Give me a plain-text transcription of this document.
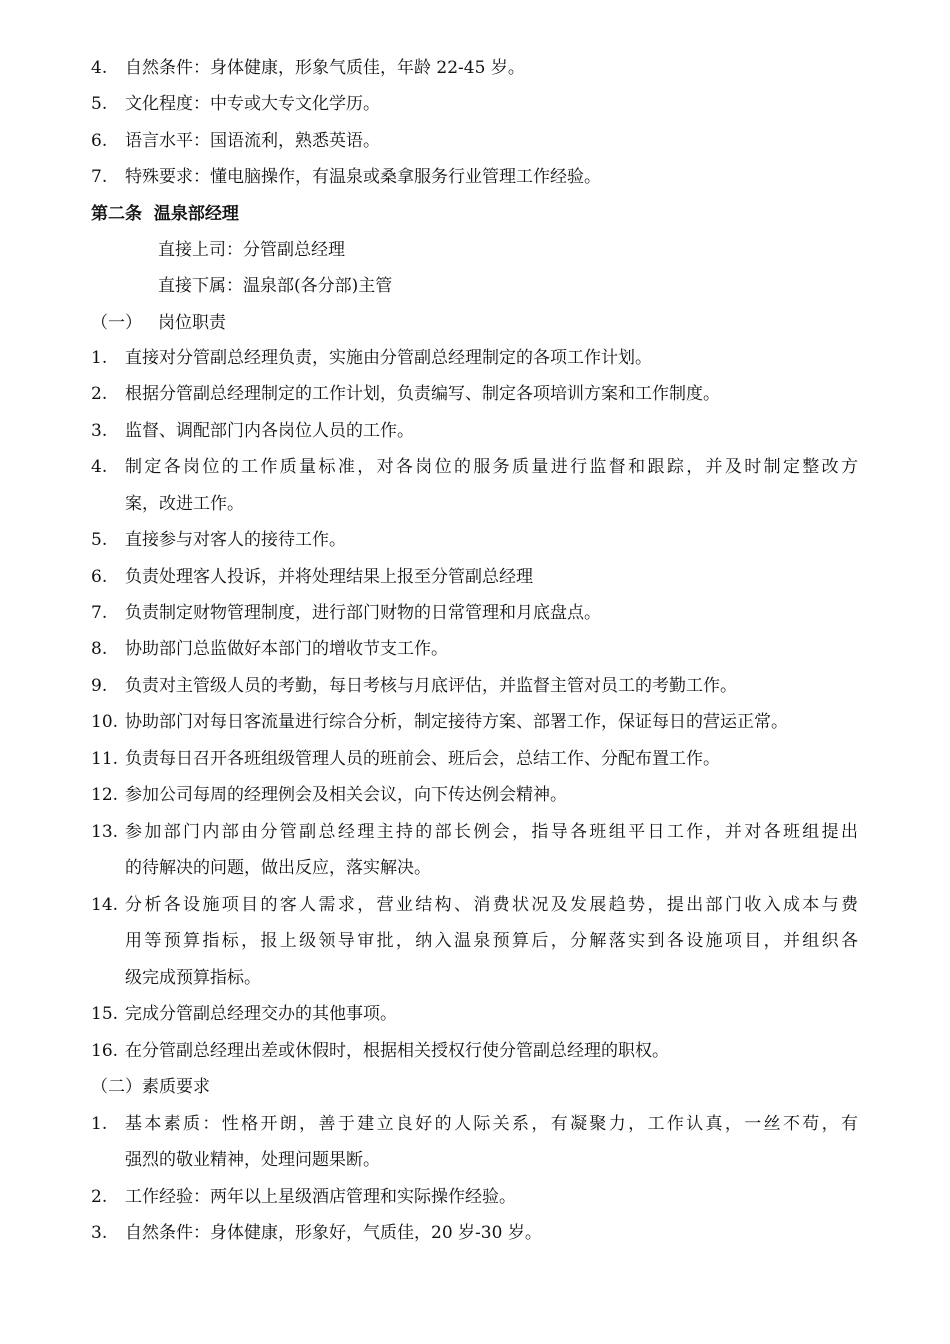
4. 自然条件：身体健康，形象气质佳，年龄 22-45 岁。
5. 文化程度：中专或大专文化学历。
6. 语言水平：国语流利，熟悉英语。
7. 特殊要求：懂电脑操作，有温泉或桑拿服务行业管理工作经验。
第二条  温泉部经理
直接上司：分管副总经理
直接下属：温泉部(各分部)主管
（一） 岗位职责
1. 直接对分管副总经理负责，实施由分管副总经理制定的各项工作计划。
2. 根据分管副总经理制定的工作计划，负责编写、制定各项培训方案和工作制度。
3. 监督、调配部门内各岗位人员的工作。
4. 制定各岗位的工作质量标准，对各岗位的服务质量进行监督和跟踪，并及时制定整改方
案，改进工作。
5. 直接参与对客人的接待工作。
6. 负责处理客人投诉，并将处理结果上报至分管副总经理
7. 负责制定财物管理制度，进行部门财物的日常管理和月底盘点。
8. 协助部门总监做好本部门的增收节支工作。
9. 负责对主管级人员的考勤，每日考核与月底评估，并监督主管对员工的考勤工作。
10. 协助部门对每日客流量进行综合分析，制定接待方案、部署工作，保证每日的营运正常。
11. 负责每日召开各班组级管理人员的班前会、班后会，总结工作、分配布置工作。
12. 参加公司每周的经理例会及相关会议，向下传达例会精神。
13. 参加部门内部由分管副总经理主持的部长例会，指导各班组平日工作，并对各班组提出
的待解决的问题，做出反应，落实解决。
14. 分析各设施项目的客人需求，营业结构、消费状况及发展趋势，提出部门收入成本与费
用等预算指标，报上级领导审批，纳入温泉预算后，分解落实到各设施项目，并组织各
级完成预算指标。
15. 完成分管副总经理交办的其他事项。
16. 在分管副总经理出差或休假时，根据相关授权行使分管副总经理的职权。
（二）素质要求
1. 基本素质：性格开朗，善于建立良好的人际关系，有凝聚力，工作认真，一丝不苟，有
强烈的敬业精神，处理问题果断。
2. 工作经验：两年以上星级酒店管理和实际操作经验。
3. 自然条件：身体健康，形象好，气质佳，20 岁-30 岁。
